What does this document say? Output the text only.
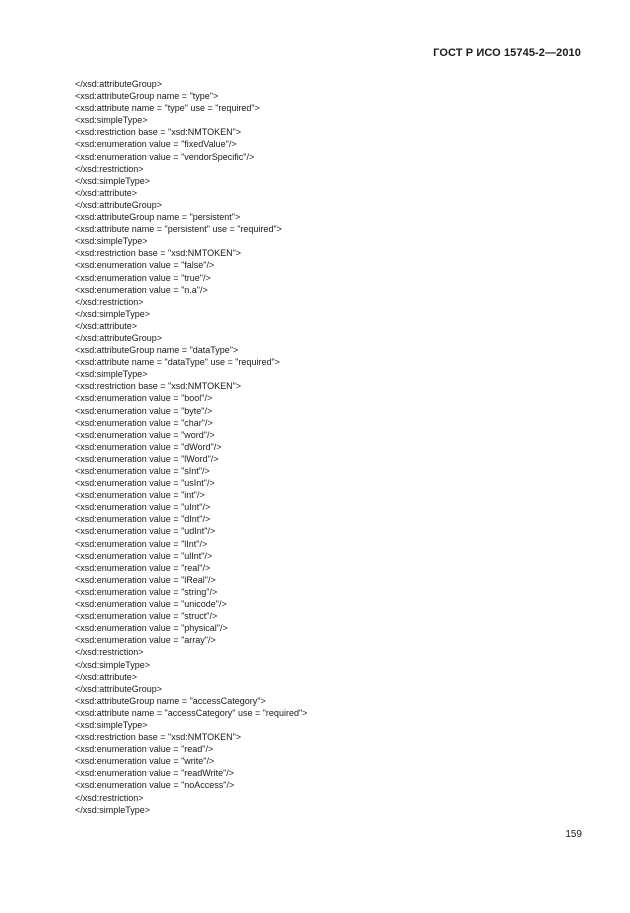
ГОСТ Р ИСО 15745-2—2010
</xsd:attributeGroup>
<xsd:attributeGroup name = "type">
<xsd:attribute name = "type" use = "required">
<xsd:simpleType>
<xsd:restriction base = "xsd:NMTOKEN">
<xsd:enumeration value = "fixedValue"/>
<xsd:enumeration value = "vendorSpecific"/>
</xsd:restriction>
</xsd:simpleType>
</xsd:attribute>
</xsd:attributeGroup>
<xsd:attributeGroup name = "persistent">
<xsd:attribute name = "persistent" use = "required">
<xsd:simpleType>
<xsd:restriction base = "xsd:NMTOKEN">
<xsd:enumeration value = "false"/>
<xsd:enumeration value = "true"/>
<xsd:enumeration value = "n.a"/>
</xsd:restriction>
</xsd:simpleType>
</xsd:attribute>
</xsd:attributeGroup>
<xsd:attributeGroup name = "dataType">
<xsd:attribute name = "dataType" use = "required">
<xsd:simpleType>
<xsd:restriction base = "xsd:NMTOKEN">
<xsd:enumeration value = "bool"/>
<xsd:enumeration value = "byte"/>
<xsd:enumeration value = "char"/>
<xsd:enumeration value = "word"/>
<xsd:enumeration value = "dWord"/>
<xsd:enumeration value = "lWord"/>
<xsd:enumeration value = "sInt"/>
<xsd:enumeration value = "usInt"/>
<xsd:enumeration value = "int"/>
<xsd:enumeration value = "uInt"/>
<xsd:enumeration value = "dInt"/>
<xsd:enumeration value = "udInt"/>
<xsd:enumeration value = "lInt"/>
<xsd:enumeration value = "ulInt"/>
<xsd:enumeration value = "real"/>
<xsd:enumeration value = "lReal"/>
<xsd:enumeration value = "string"/>
<xsd:enumeration value = "unicode"/>
<xsd:enumeration value = "struct"/>
<xsd:enumeration value = "physical"/>
<xsd:enumeration value = "array"/>
</xsd:restriction>
</xsd:simpleType>
</xsd:attribute>
</xsd:attributeGroup>
<xsd:attributeGroup name = "accessCategory">
<xsd:attribute name = "accessCategory" use = "required">
<xsd:simpleType>
<xsd:restriction base = "xsd:NMTOKEN">
<xsd:enumeration value = "read"/>
<xsd:enumeration value = "write"/>
<xsd:enumeration value = "readWrite"/>
<xsd:enumeration value = "noAccess"/>
</xsd:restriction>
</xsd:simpleType>
159
